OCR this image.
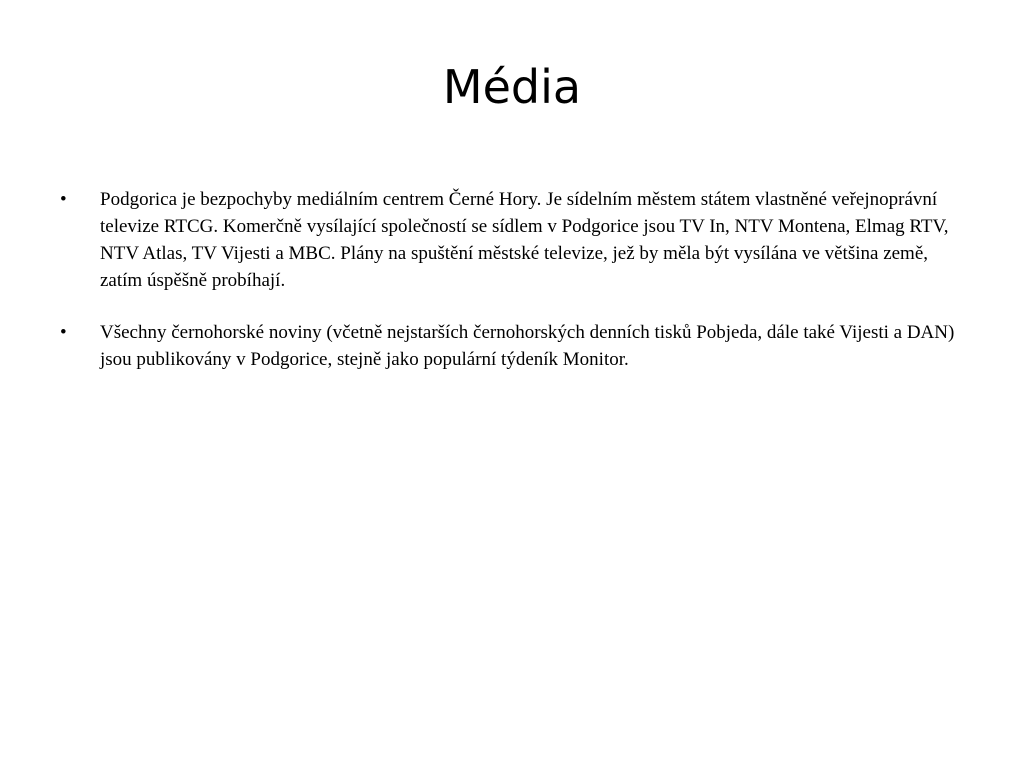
Média
• Podgorica je bezpochyby mediálním centrem Černé Hory. Je sídelním městem státem vlastněné veřejnoprávní televize RTCG. Komerčně vysílající společností se sídlem v Podgorice jsou TV In, NTV Montena, Elmag RTV, NTV Atlas, TV Vijesti a MBC. Plány na spuštění městské televize, jež by měla být vysílána ve většina země, zatím úspěšně probíhají.
• Všechny černohorské noviny (včetně nejstarších černohorských denních tisků Pobjeda, dále také Vijesti a DAN) jsou publikovány v Podgorice, stejně jako populární týdeník Monitor.
